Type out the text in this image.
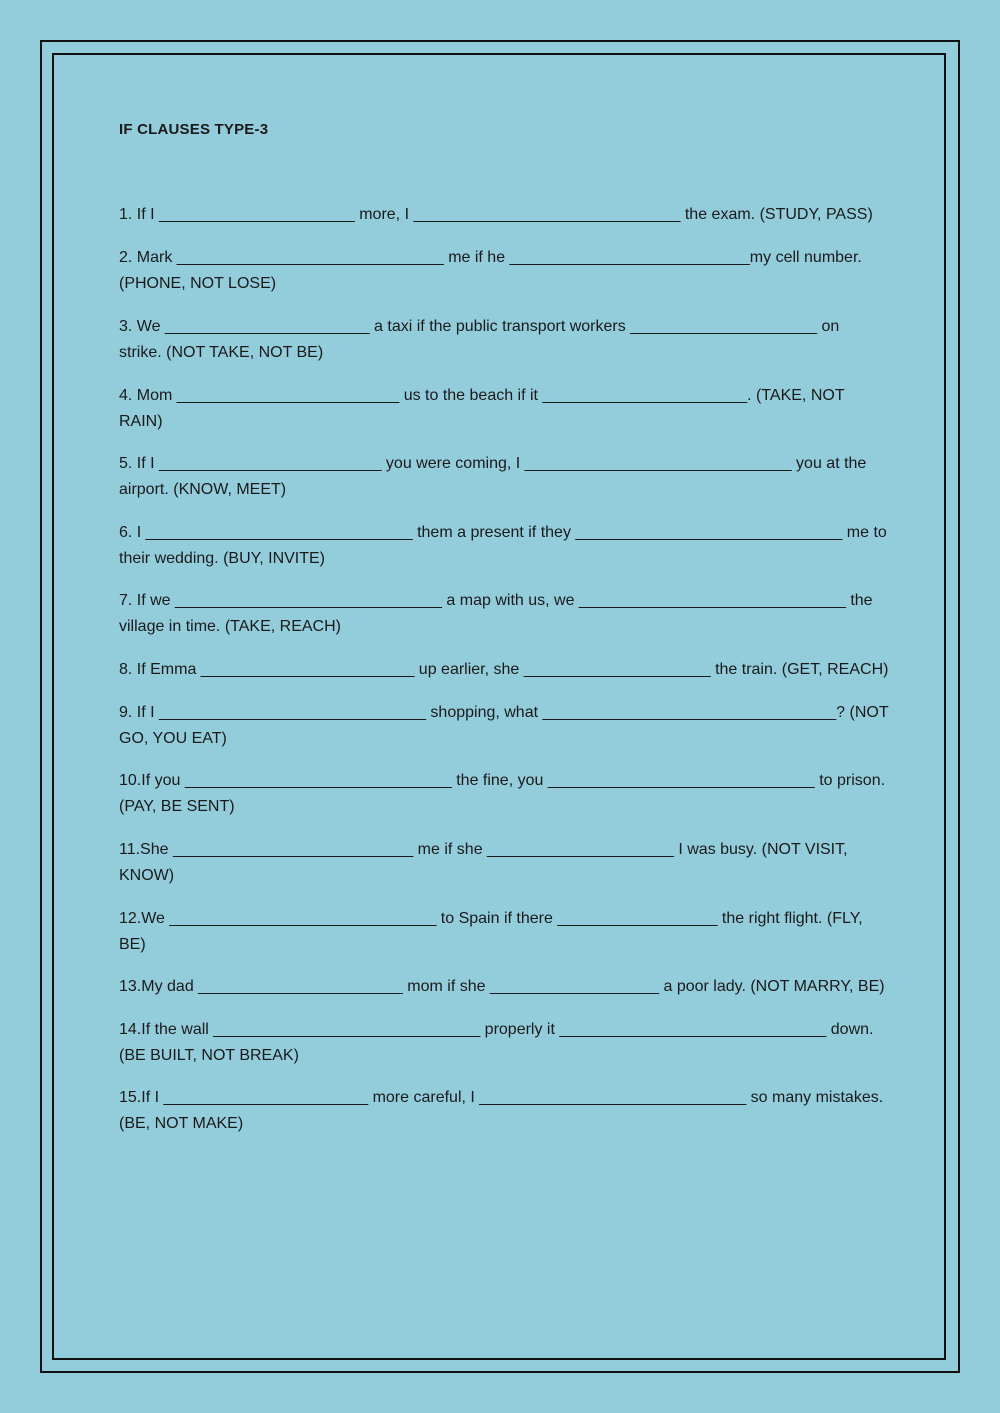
IF CLAUSES TYPE-3
1. If I ______________________ more, I ______________________________ the exam. (STUDY, PASS)
2. Mark ______________________________ me if he ___________________________my cell number.
(PHONE, NOT LOSE)
3. We _______________________ a taxi if the public transport workers _____________________ on
strike. (NOT TAKE, NOT BE)
4. Mom _________________________ us to the beach if it _______________________. (TAKE, NOT
RAIN)
5. If I _________________________ you were coming, I ______________________________ you at the
airport. (KNOW, MEET)
6. I ______________________________ them a present if they ______________________________ me to
their wedding. (BUY, INVITE)
7. If we ______________________________ a map with us, we ______________________________ the
village in time. (TAKE, REACH)
8. If Emma ________________________ up earlier, she _____________________ the train. (GET, REACH)
9. If I ______________________________ shopping, what _________________________________? (NOT
GO, YOU EAT)
10.If you ______________________________ the fine, you ______________________________ to prison.
(PAY, BE SENT)
11.She ___________________________ me if she _____________________ I was busy. (NOT VISIT,
KNOW)
12.We ______________________________ to Spain if there __________________ the right flight. (FLY,
BE)
13.My dad _______________________ mom if she ___________________ a poor lady. (NOT MARRY, BE)
14.If the wall ______________________________ properly it ______________________________ down.
(BE BUILT, NOT BREAK)
15.If I _______________________ more careful, I ______________________________ so many mistakes.
(BE, NOT MAKE)
